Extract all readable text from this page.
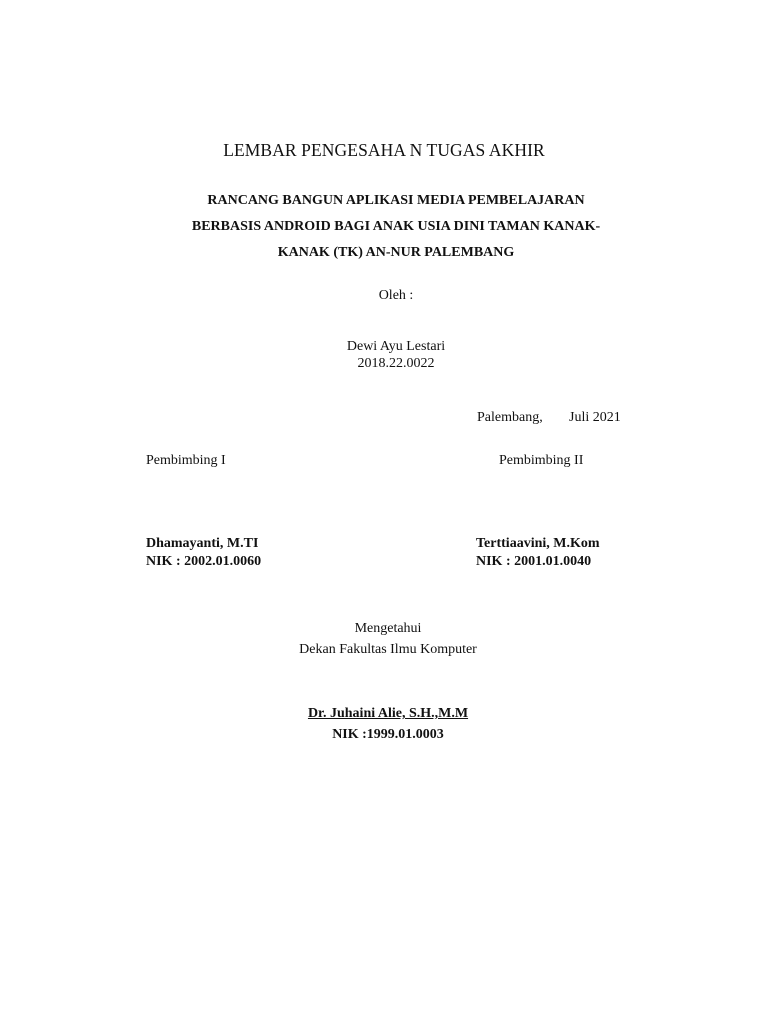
LEMBAR PENGESAHA N TUGAS AKHIR
RANCANG BANGUN APLIKASI MEDIA PEMBELAJARAN
BERBASIS ANDROID BAGI ANAK USIA DINI TAMAN KANAK-
KANAK (TK) AN-NUR PALEMBANG
Oleh :
Dewi Ayu Lestari
2018.22.0022
Palembang, Juli 2021
Pembimbing I	Pembimbing II
Dhamayanti, M.TI
NIK : 2002.01.0060
Terttiaavini, M.Kom
NIK : 2001.01.0040
Mengetahui
Dekan Fakultas Ilmu Komputer
Dr. Juhaini Alie, S.H.,M.M
NIK :1999.01.0003
